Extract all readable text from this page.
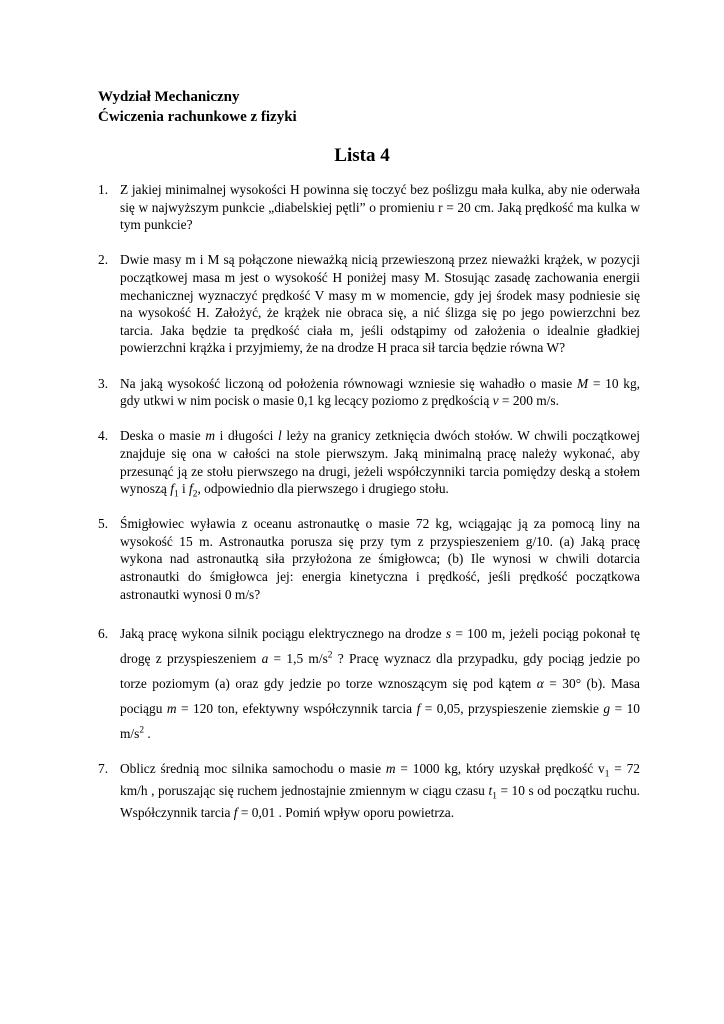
Wydział Mechaniczny
Ćwiczenia rachunkowe z fizyki
Lista 4
1. Z jakiej minimalnej wysokości H powinna się toczyć bez poślizgu mała kulka, aby nie oderwała się w najwyższym punkcie „diabelskiej pętli” o promieniu r = 20 cm. Jaką prędkość ma kulka w tym punkcie?
2. Dwie masy m i M są połączone nieważką nicią przewieszoną przez nieważki krążek, w pozycji początkowej masa m jest o wysokość H poniżej masy M. Stosując zasadę zachowania energii mechanicznej wyznaczyć prędkość V masy m w momencie, gdy jej środek masy podniesie się na wysokość H. Założyć, że krążek nie obraca się, a nić ślizga się po jego powierzchni bez tarcia. Jaka będzie ta prędkość ciała m, jeśli odstąpimy od założenia o idealnie gładkiej powierzchni krążka i przyjmiemy, że na drodze H praca sił tarcia będzie równa W?
3. Na jaką wysokość liczoną od położenia równowagi wzniesie się wahadło o masie M = 10 kg, gdy utkwi w nim pocisk o masie 0,1 kg lecący poziomo z prędkością v = 200 m/s.
4. Deska o masie m i długości l leży na granicy zetknięcia dwóch stołów. W chwili początkowej znajduje się ona w całości na stole pierwszym. Jaką minimalną pracę należy wykonać, aby przesunąć ją ze stołu pierwszego na drugi, jeżeli współczynniki tarcia pomiędzy deską a stołem wynoszą $f_1$ i $f_2$, odpowiednio dla pierwszego i drugiego stołu.
5. Śmigłowiec wyławia z oceanu astronautkę o masie 72 kg, wciągając ją za pomocą liny na wysokość 15 m. Astronautka porusza się przy tym z przyspieszeniem g/10. (a) Jaką pracę wykona nad astronautką siła przyłożona ze śmigłowca; (b) Ile wynosi w chwili dotarcia astronautki do śmigłowca jej: energia kinetyczna i prędkość, jeśli prędkość początkowa astronautki wynosi 0 m/s?
6. Jaką pracę wykona silnik pociągu elektrycznego na drodze s = 100 m, jeżeli pociąg pokonał tę drogę z przyspieszeniem a = 1,5 $m/s^2$ ? Pracę wyznacz dla przypadku, gdy pociąg jedzie po torze poziomym (a) oraz gdy jedzie po torze wznoszącym się pod kątem α = 30° (b). Masa pociągu m = 120 ton, efektywny współczynnik tarcia f = 0,05, przyspieszenie ziemskie g = 10 $m/s^2$ .
7. Oblicz średnią moc silnika samochodu o masie m = 1000 kg, który uzyskał prędkość $v_1 = 72$ km/h , poruszając się ruchem jednostajnie zmiennym w ciągu czasu $t_1 = 10$ s od początku ruchu. Współczynnik tarcia f = 0,01 . Pomiń wpływ oporu powietrza.
